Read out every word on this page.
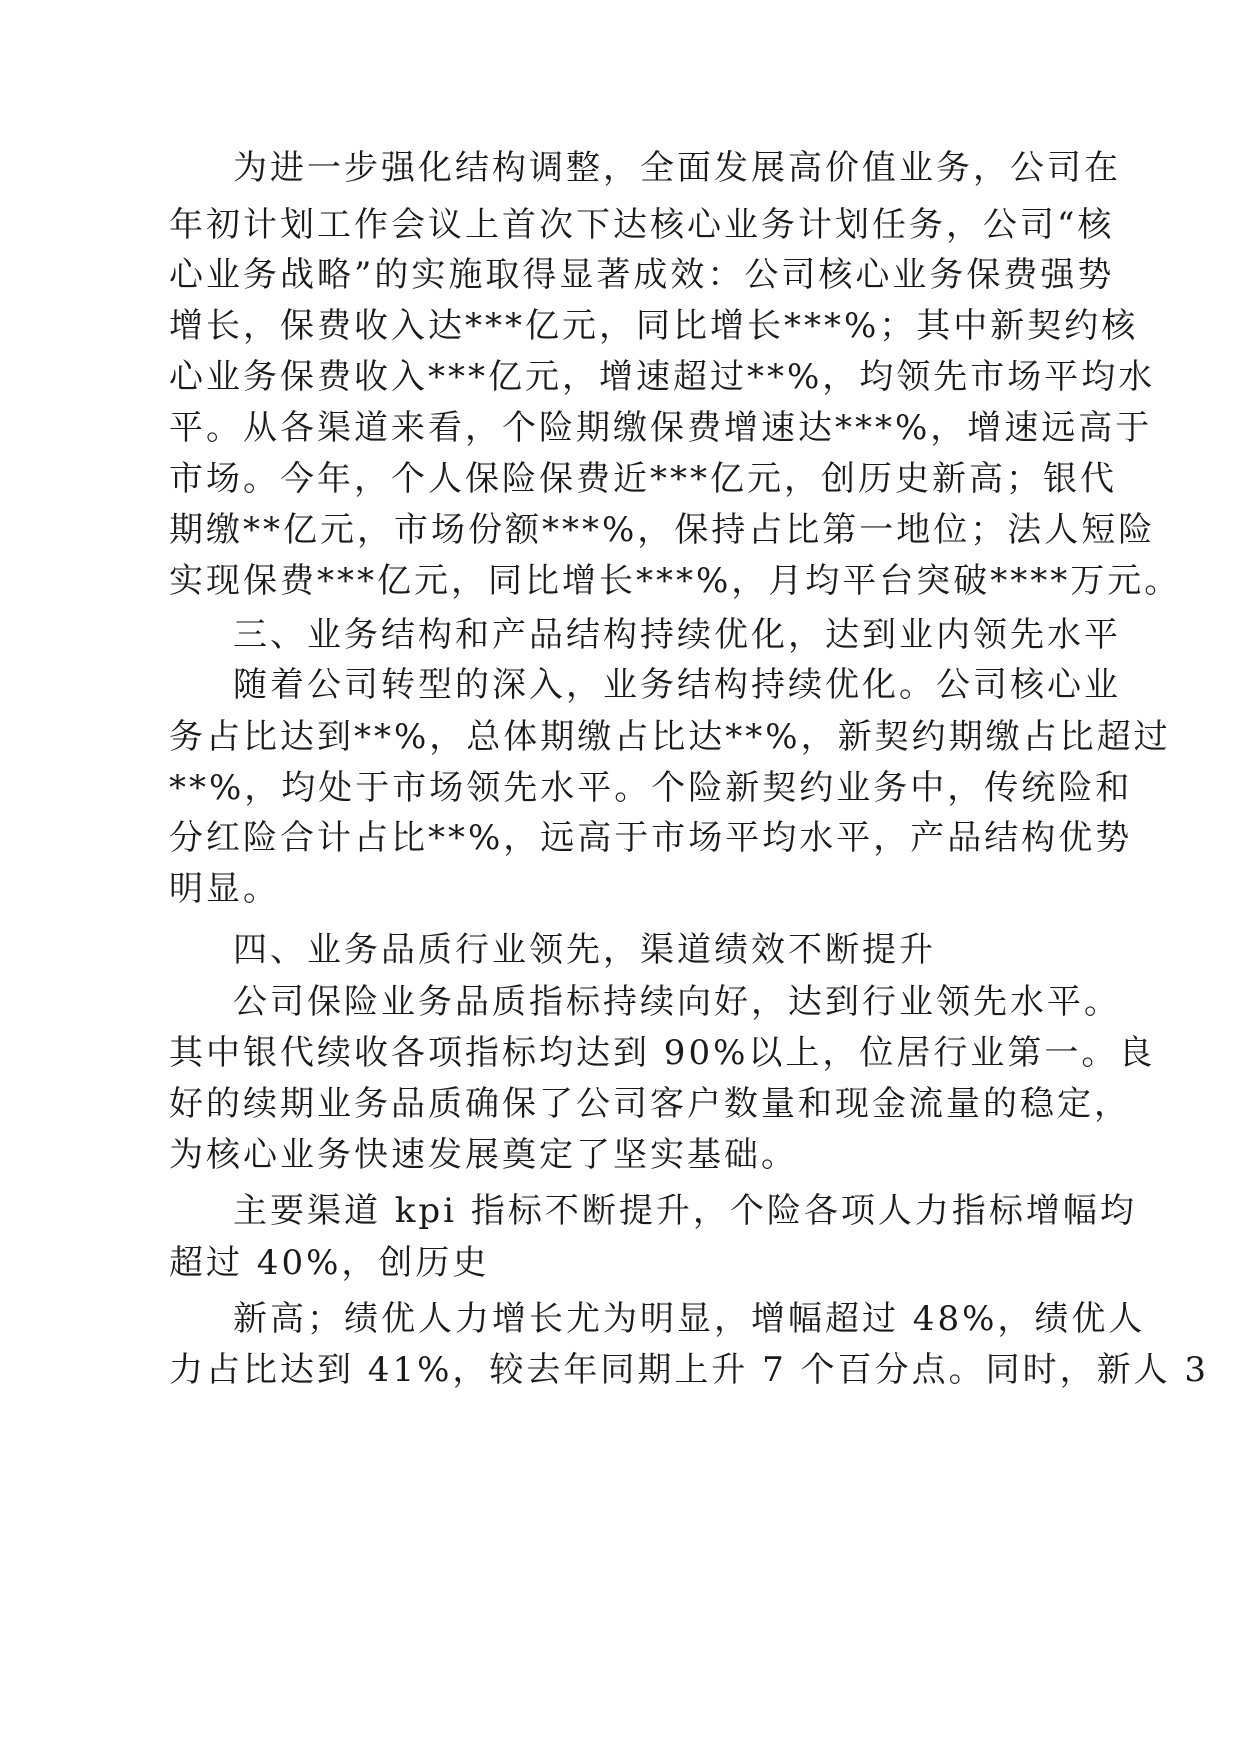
为进一步强化结构调整，全面发展高价值业务，公司在
年初计划工作会议上首次下达核心业务计划任务，公司“核
心业务战略”的实施取得显著成效：公司核心业务保费强势
增长，保费收入达***亿元，同比增长***%；其中新契约核
心业务保费收入***亿元，增速超过**%，均领先市场平均水
平。从各渠道来看，个险期缴保费增速达***%，增速远高于
市场。今年，个人保险保费近***亿元，创历史新高；银代
期缴**亿元，市场份额***%，保持占比第一地位；法人短险
实现保费***亿元，同比增长***%，月均平台突破****万元。
三、业务结构和产品结构持续优化，达到业内领先水平
随着公司转型的深入，业务结构持续优化。公司核心业
务占比达到**%，总体期缴占比达**%，新契约期缴占比超过
**%，均处于市场领先水平。个险新契约业务中，传统险和
分红险合计占比**%，远高于市场平均水平，产品结构优势
明显。
四、业务品质行业领先，渠道绩效不断提升
公司保险业务品质指标持续向好，达到行业领先水平。
其中银代续收各项指标均达到 90%以上，位居行业第一。良
好的续期业务品质确保了公司客户数量和现金流量的稳定，
为核心业务快速发展奠定了坚实基础。
主要渠道 kpi 指标不断提升，个险各项人力指标增幅均
超过 40%，创历史
新高；绩优人力增长尤为明显，增幅超过 48%，绩优人
力占比达到 41%，较去年同期上升 7 个百分点。同时，新人 3
